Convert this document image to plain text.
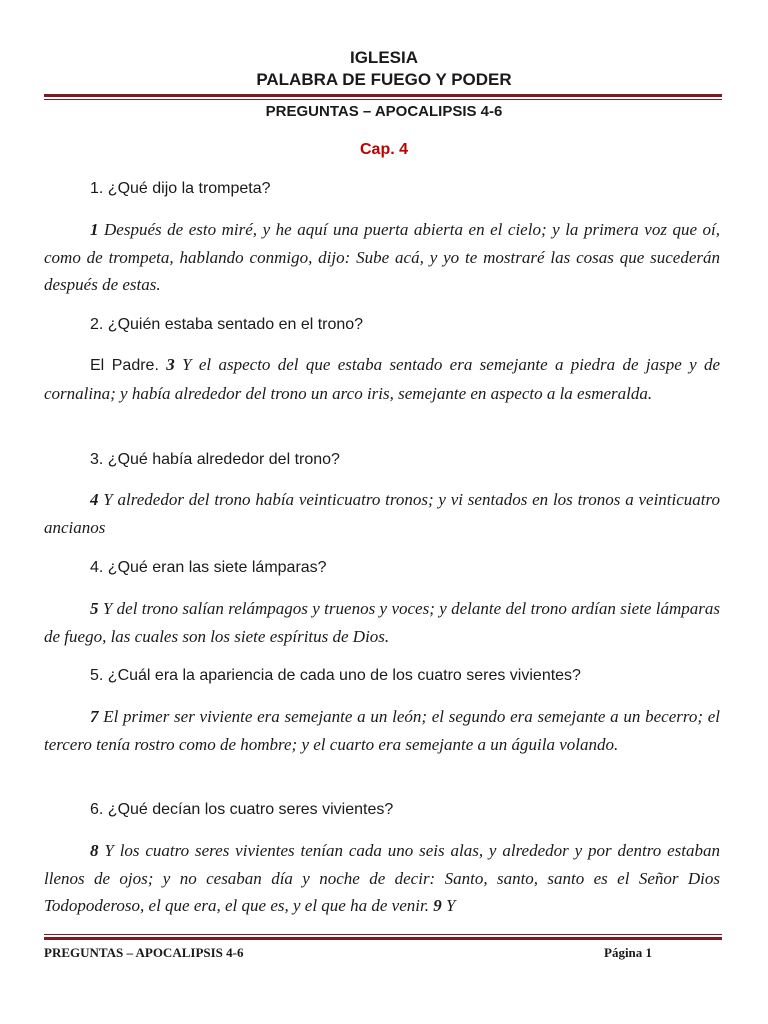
IGLESIA
PALABRA DE FUEGO Y PODER
PREGUNTAS – APOCALIPSIS 4-6
Cap. 4
1. ¿Qué dijo la trompeta?
1 Después de esto miré, y he aquí una puerta abierta en el cielo; y la primera voz que oí, como de trompeta, hablando conmigo, dijo: Sube acá, y yo te mostraré las cosas que sucederán después de estas.
2. ¿Quién estaba sentado en el trono?
El Padre. 3 Y el aspecto del que estaba sentado era semejante a piedra de jaspe y de cornalina; y había alrededor del trono un arco iris, semejante en aspecto a la esmeralda.
3. ¿Qué había alrededor del trono?
4 Y alrededor del trono había veinticuatro tronos; y vi sentados en los tronos a veinticuatro ancianos
4. ¿Qué eran las siete lámparas?
5 Y del trono salían relámpagos y truenos y voces; y delante del trono ardían siete lámparas de fuego, las cuales son los siete espíritus de Dios.
5. ¿Cuál era la apariencia de cada uno de los cuatro seres vivientes?
7 El primer ser viviente era semejante a un león; el segundo era semejante a un becerro; el tercero tenía rostro como de hombre; y el cuarto era semejante a un águila volando.
6. ¿Qué decían los cuatro seres vivientes?
8 Y los cuatro seres vivientes tenían cada uno seis alas, y alrededor y por dentro estaban llenos de ojos; y no cesaban día y noche de decir: Santo, santo, santo es el Señor Dios Todopoderoso, el que era, el que es, y el que ha de venir. 9 Y
PREGUNTAS – APOCALIPSIS 4-6	Página 1
